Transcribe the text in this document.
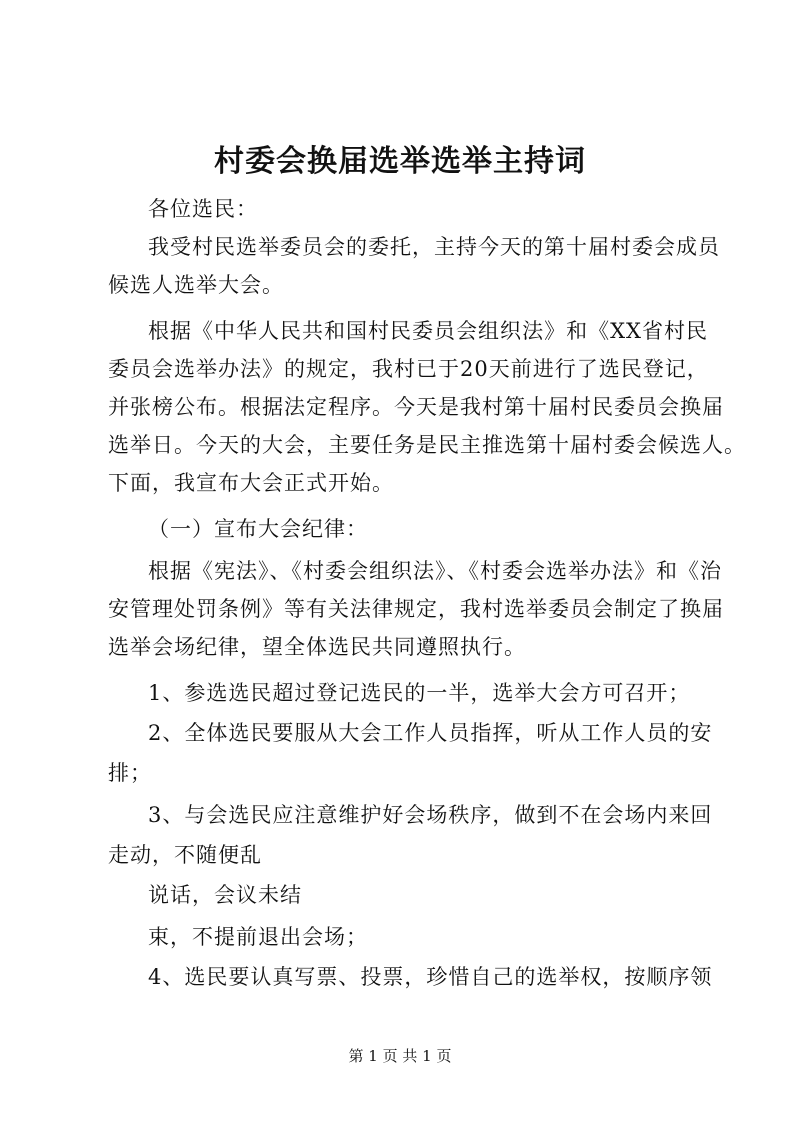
村委会换届选举选举主持词
各位选民：
我受村民选举委员会的委托，主持今天的第十届村委会成员
候选人选举大会。
根据《中华人民共和国村民委员会组织法》和《XX省村民
委员会选举办法》的规定，我村已于20天前进行了选民登记，
并张榜公布。根据法定程序。今天是我村第十届村民委员会换届
选举日。今天的大会，主要任务是民主推选第十届村委会候选人。
下面，我宣布大会正式开始。
（一）宣布大会纪律：
根据《宪法》、《村委会组织法》、《村委会选举办法》和《治
安管理处罚条例》等有关法律规定，我村选举委员会制定了换届
选举会场纪律，望全体选民共同遵照执行。
1、参选选民超过登记选民的一半，选举大会方可召开；
2、全体选民要服从大会工作人员指挥，听从工作人员的安
排；
3、与会选民应注意维护好会场秩序，做到不在会场内来回
走动，不随便乱
说话，会议未结
束，不提前退出会场；
4、选民要认真写票、投票，珍惜自己的选举权，按顺序领
第 1 页 共 1 页
